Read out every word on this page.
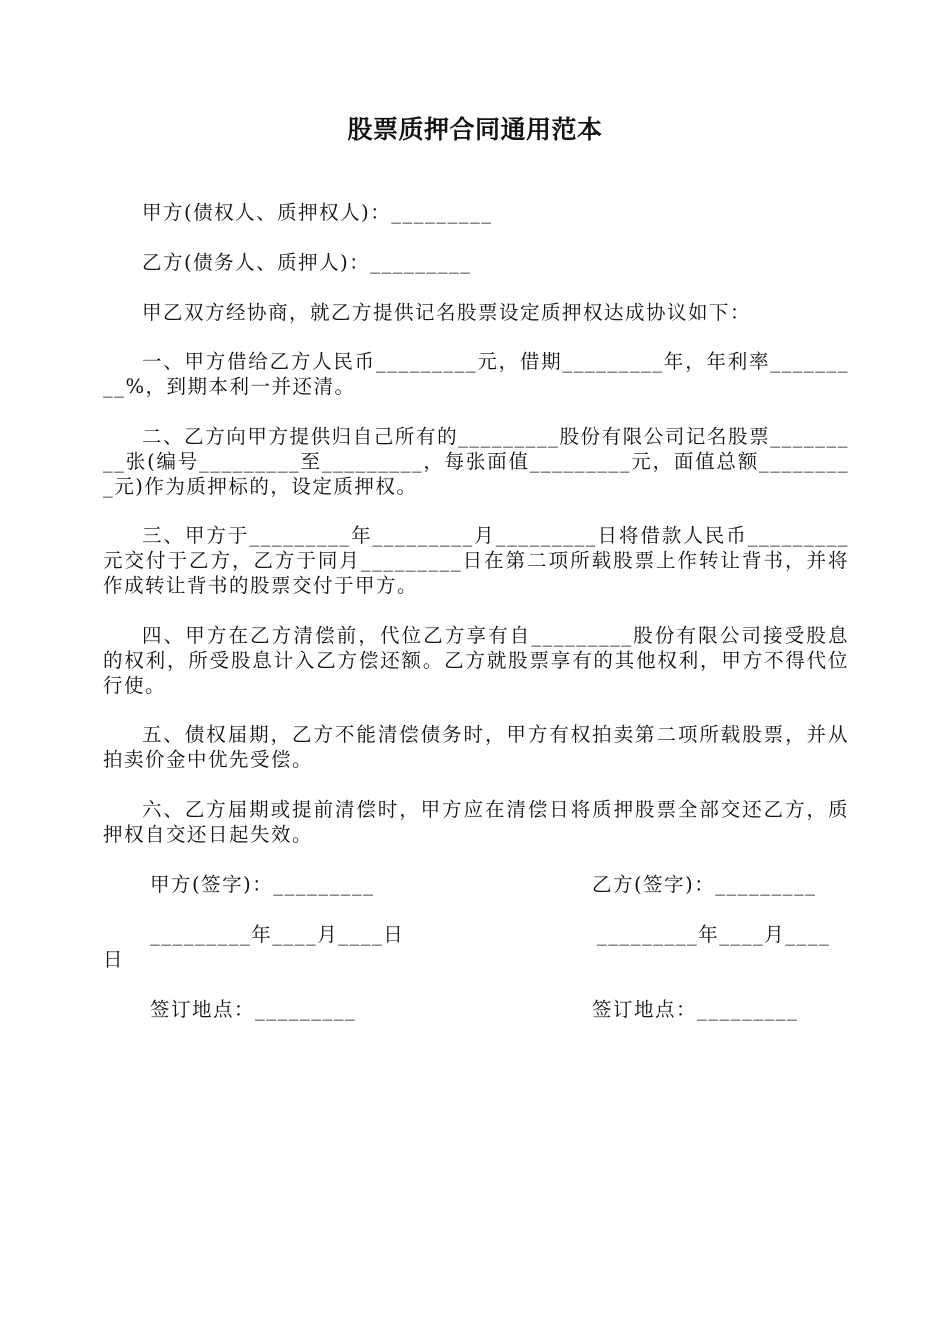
股票质押合同通用范本
甲方(债权人、质押权人)：_________
乙方(债务人、质押人)：_________
甲乙双方经协商，就乙方提供记名股票设定质押权达成协议如下：
一、甲方借给乙方人民币_________元，借期_________年，年利率_________%，到期本利一并还清。
二、乙方向甲方提供归自己所有的_________股份有限公司记名股票_________张(编号_________至_________，每张面值_________元，面值总额_________元)作为质押标的，设定质押权。
三、甲方于_________年_________月_________日将借款人民币_________元交付于乙方，乙方于同月_________日在第二项所载股票上作转让背书，并将作成转让背书的股票交付于甲方。
四、甲方在乙方清偿前，代位乙方享有自_________股份有限公司接受股息的权利，所受股息计入乙方偿还额。乙方就股票享有的其他权利，甲方不得代位行使。
五、债权届期，乙方不能清偿债务时，甲方有权拍卖第二项所载股票，并从拍卖价金中优先受偿。
六、乙方届期或提前清偿时，甲方应在清偿日将质押股票全部交还乙方，质押权自交还日起失效。
甲方(签字)：_________	乙方(签字)：_________
_________年____月____日	_________年____月____
日
签订地点：_________	签订地点：_________
